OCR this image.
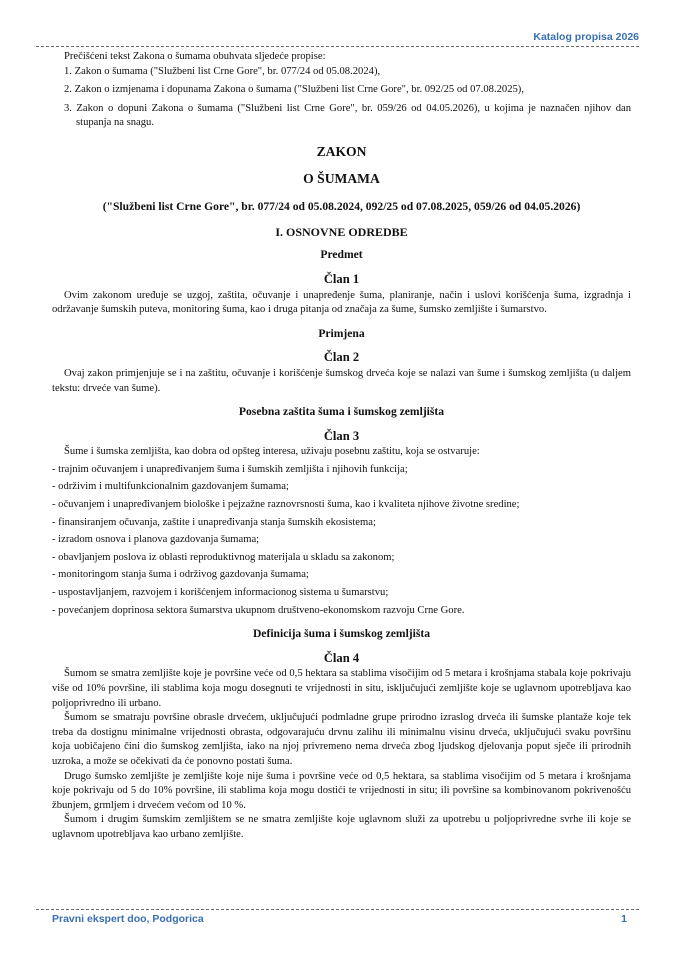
Katalog propisa 2026

Prečišćeni tekst Zakona o šumama obuhvata sljedeće propise:

1. Zakon o šumama ("Službeni list Crne Gore", br. 077/24 od 05.08.2024),

2. Zakon o izmjenama i dopunama Zakona o šumama ("Službeni list Crne Gore", br. 092/25 od 07.08.2025),

3. Zakon o dopuni Zakona o šumama ("Službeni list Crne Gore", br. 059/26 od 04.05.2026), u kojima je naznačen njihov dan stupanja na snagu.

ZAKON

O ŠUMAMA

("Službeni list Crne Gore", br. 077/24 od 05.08.2024, 092/25 od 07.08.2025, 059/26 od 04.05.2026)

I. OSNOVNE ODREDBE

Predmet

Član 1

Ovim zakonom uređuje se uzgoj, zaštita, očuvanje i unapređenje šuma, planiranje, način i uslovi korišćenja šuma, izgradnja i održavanje šumskih puteva, monitoring šuma, kao i druga pitanja od značaja za šume, šumsko zemljište i šumarstvo.

Primjena

Član 2

Ovaj zakon primjenjuje se i na zaštitu, očuvanje i korišćenje šumskog drveća koje se nalazi van šume i šumskog zemljišta (u daljem tekstu: drveće van šume).

Posebna zaštita šuma i šumskog zemljišta

Član 3

Šume i šumska zemljišta, kao dobra od opšteg interesa, uživaju posebnu zaštitu, koja se ostvaruje:

- trajnim očuvanjem i unapređivanjem šuma i šumskih zemljišta i njihovih funkcija;
- održivim i multifunkcionalnim gazdovanjem šumama;
- očuvanjem i unapređivanjem biološke i pejzažne raznovrsnosti šuma, kao i kvaliteta njihove životne sredine;
- finansiranjem očuvanja, zaštite i unapređivanja stanja šumskih ekosistema;
- izradom osnova i planova gazdovanja šumama;
- obavljanjem poslova iz oblasti reproduktivnog materijala u skladu sa zakonom;
- monitoringom stanja šuma i održivog gazdovanja šumama;
- uspostavljanjem, razvojem i korišćenjem informacionog sistema u šumarstvu;
- povećanjem doprinosa sektora šumarstva ukupnom društveno-ekonomskom razvoju Crne Gore.

Definicija šuma i šumskog zemljišta

Član 4

Šumom se smatra zemljište koje je površine veće od 0,5 hektara sa stablima visočijim od 5 metara i krošnjama stabala koje pokrivaju više od 10% površine, ili stablima koja mogu dosegnuti te vrijednosti in situ, isključujući zemljište koje se uglavnom upotrebljava kao poljoprivredno ili urbano.

Šumom se smatraju površine obrasle drvećem, uključujući podmladne grupe prirodno izraslog drveća ili šumske plantaže koje tek treba da dostignu minimalne vrijednosti obrasta, odgovarajuću drvnu zalihu ili minimalnu visinu drveća, uključujući svaku površinu koja uobičajeno čini dio šumskog zemljišta, iako na njoj privremeno nema drveća zbog ljudskog djelovanja poput sječe ili prirodnih uzroka, a može se očekivati da će ponovno postati šuma.

Drugo šumsko zemljište je zemljište koje nije šuma i površine veće od 0,5 hektara, sa stablima visočijim od 5 metara i krošnjama koje pokrivaju od 5 do 10% površine, ili stablima koja mogu dostići te vrijednosti in situ; ili površine sa kombinovanom pokrivenošću žbunjem, grmljem i drvećem većom od 10 %.

Šumom i drugim šumskim zemljištem se ne smatra zemljište koje uglavnom služi za upotrebu u poljoprivredne svrhe ili koje se uglavnom upotrebljava kao urbano zemljište.

Pravni ekspert doo, Podgorica	1
